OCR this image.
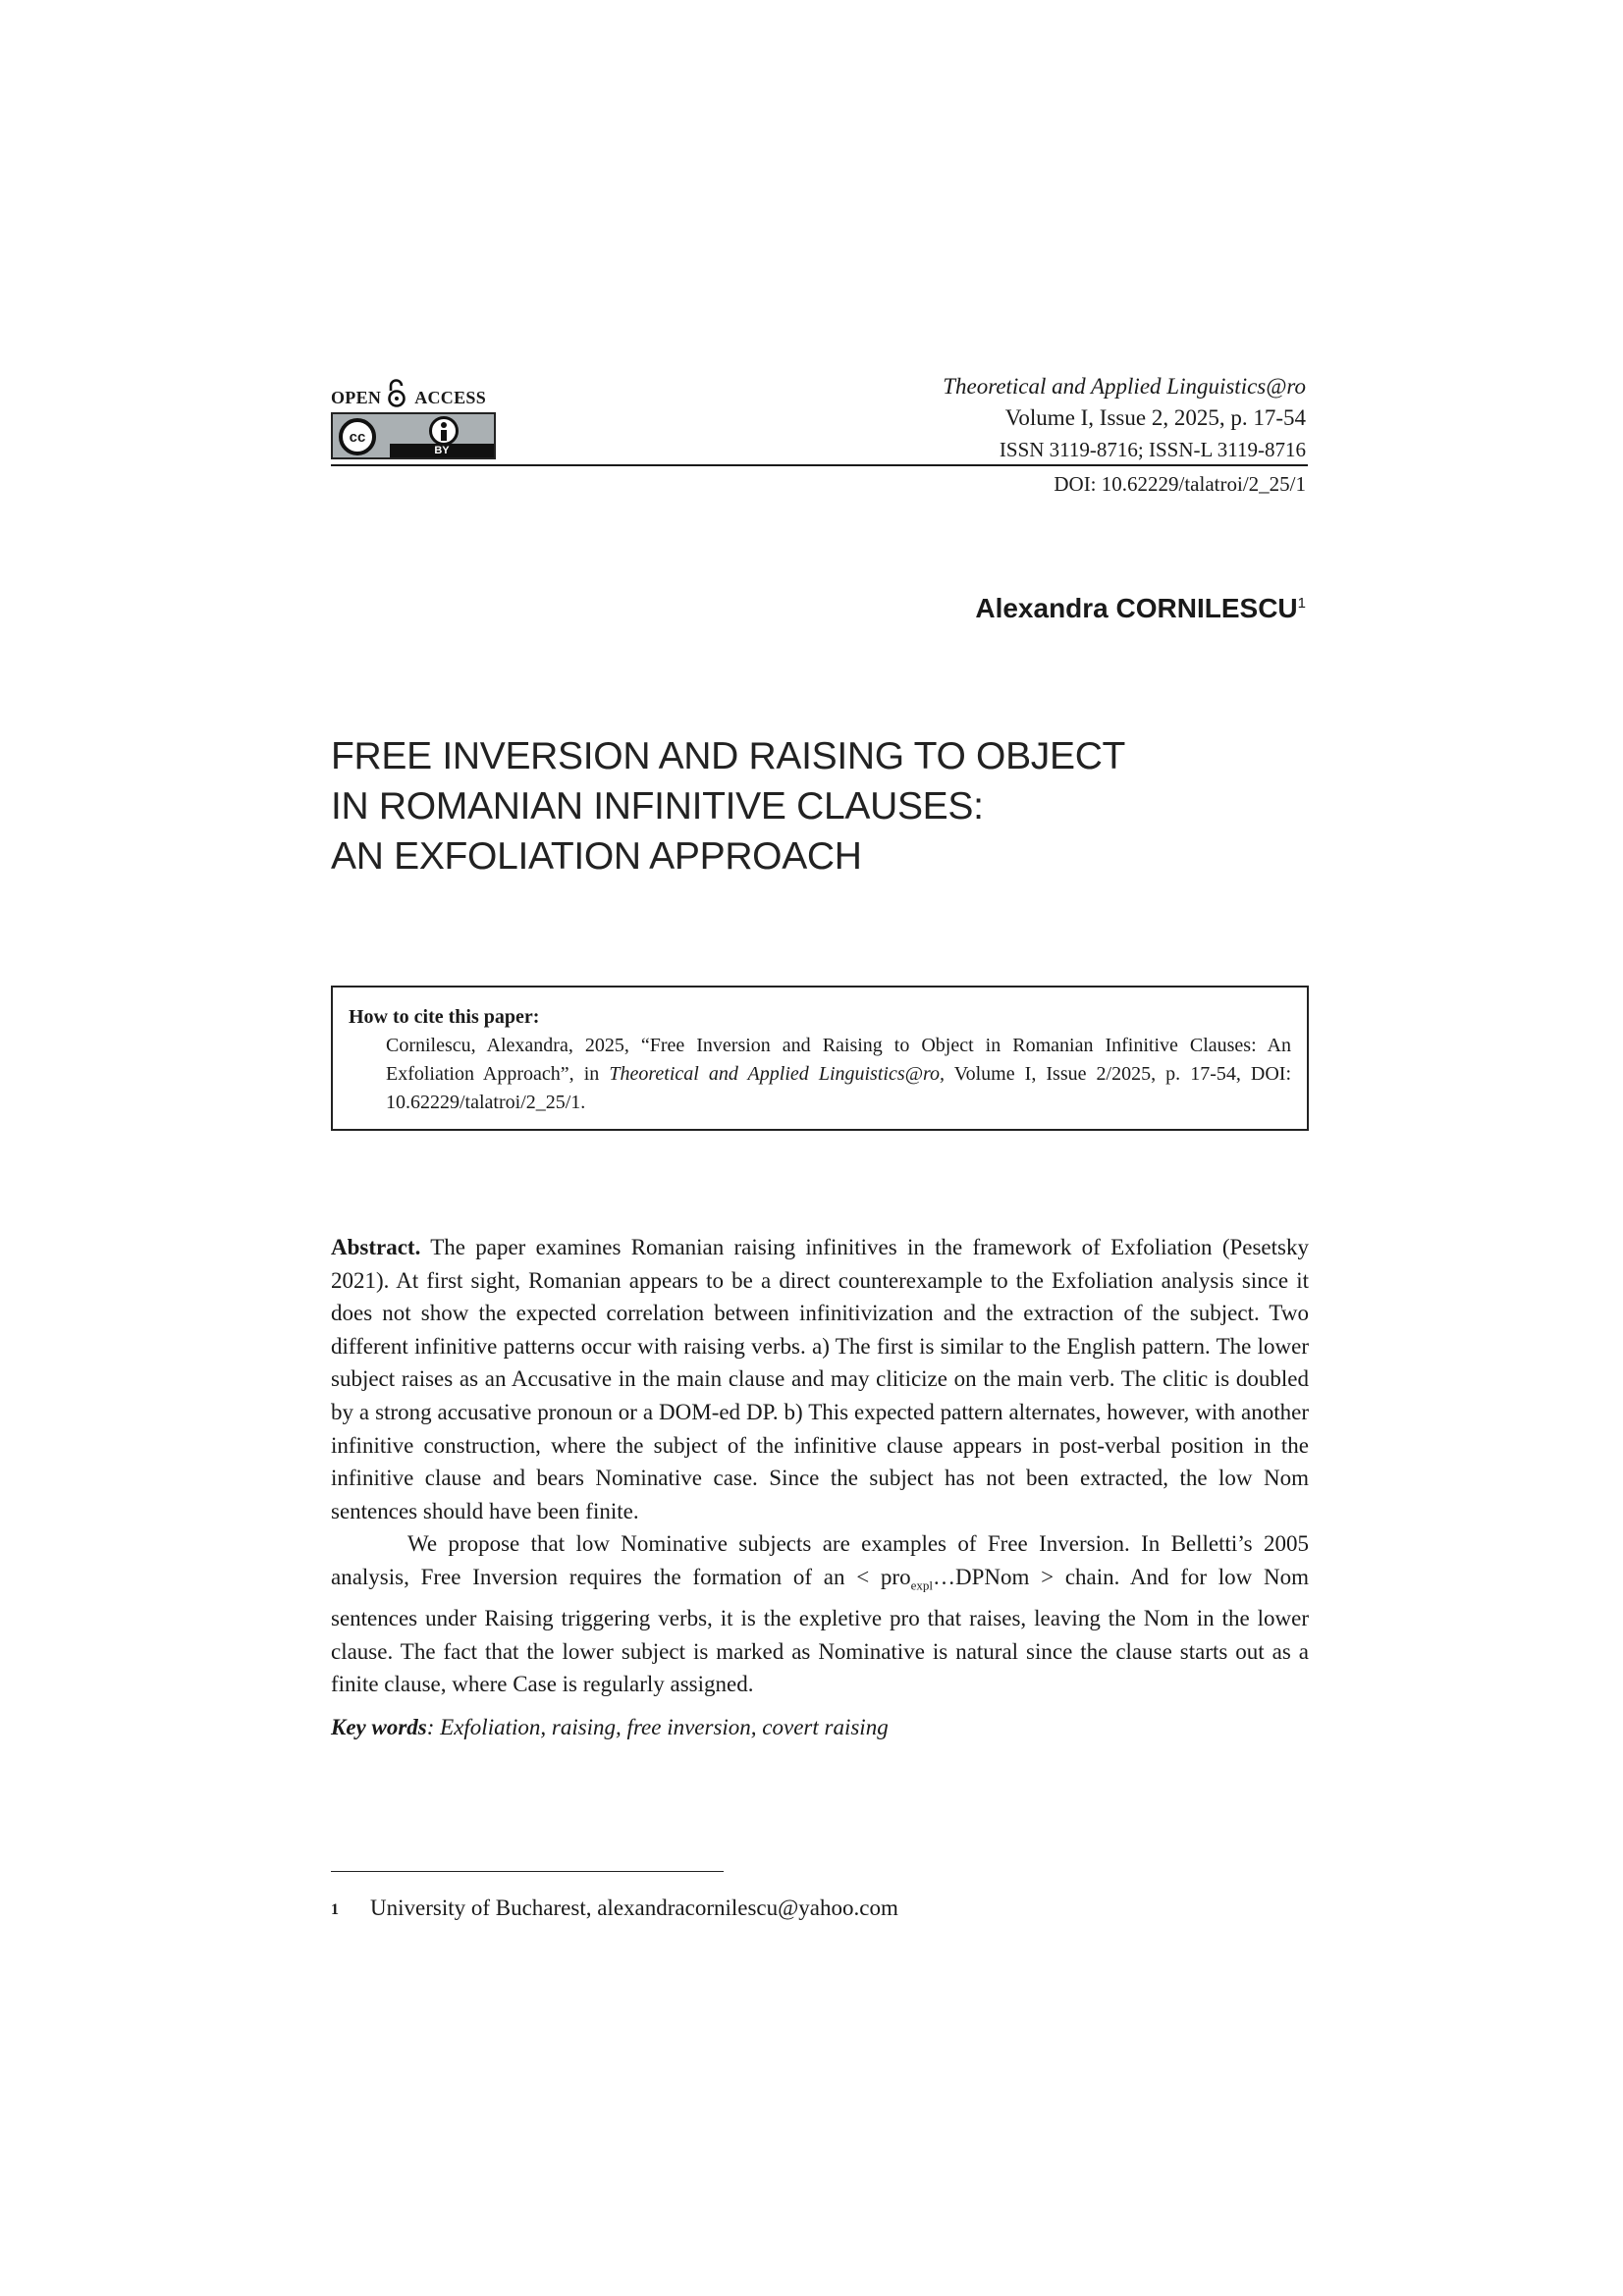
OPEN ACCESS
cc
BY
Theoretical and Applied Linguistics@ro
Volume I, Issue 2, 2025, p. 17-54
ISSN 3119-8716; ISSN-L 3119-8716
DOI: 10.62229/talatroi/2_25/1
Alexandra CORNILESCU$^1$
FREE INVERSION AND RAISING TO OBJECT
IN ROMANIAN INFINITIVE CLAUSES:
AN EXFOLIATION APPROACH
How to cite this paper:
Cornilescu, Alexandra, 2025, “Free Inversion and Raising to Object in Romanian Infinitive Clauses: An Exfoliation Approach”, in Theoretical and Applied Linguistics@ro, Volume I, Issue 2/2025, p. 17-54, DOI: 10.62229/talatroi/2_25/1.

Abstract. The paper examines Romanian raising infinitives in the framework of Exfoliation (Pesetsky 2021). At first sight, Romanian appears to be a direct counterexample to the Exfoliation analysis since it does not show the expected correlation between infinitivization and the extraction of the subject. Two different infinitive patterns occur with raising verbs. a) The first is similar to the English pattern. The lower subject raises as an Accusative in the main clause and may cliticize on the main verb. The clitic is doubled by a strong accusative pronoun or a DOM-ed DP. b) This expected pattern alternates, however, with another infinitive construction, where the subject of the infinitive clause appears in post-verbal position in the infinitive clause and bears Nominative case. Since the subject has not been extracted, the low Nom sentences should have been finite.

We propose that low Nominative subjects are examples of Free Inversion. In Belletti’s 2005 analysis, Free Inversion requires the formation of an < pro$_{expl}$…DPNom > chain. And for low Nom sentences under Raising triggering verbs, it is the expletive pro that raises, leaving the Nom in the lower clause. The fact that the lower subject is marked as Nominative is natural since the clause starts out as a finite clause, where Case is regularly assigned.

Key words: Exfoliation, raising, free inversion, covert raising

1 University of Bucharest, alexandracornilescu@yahoo.com
